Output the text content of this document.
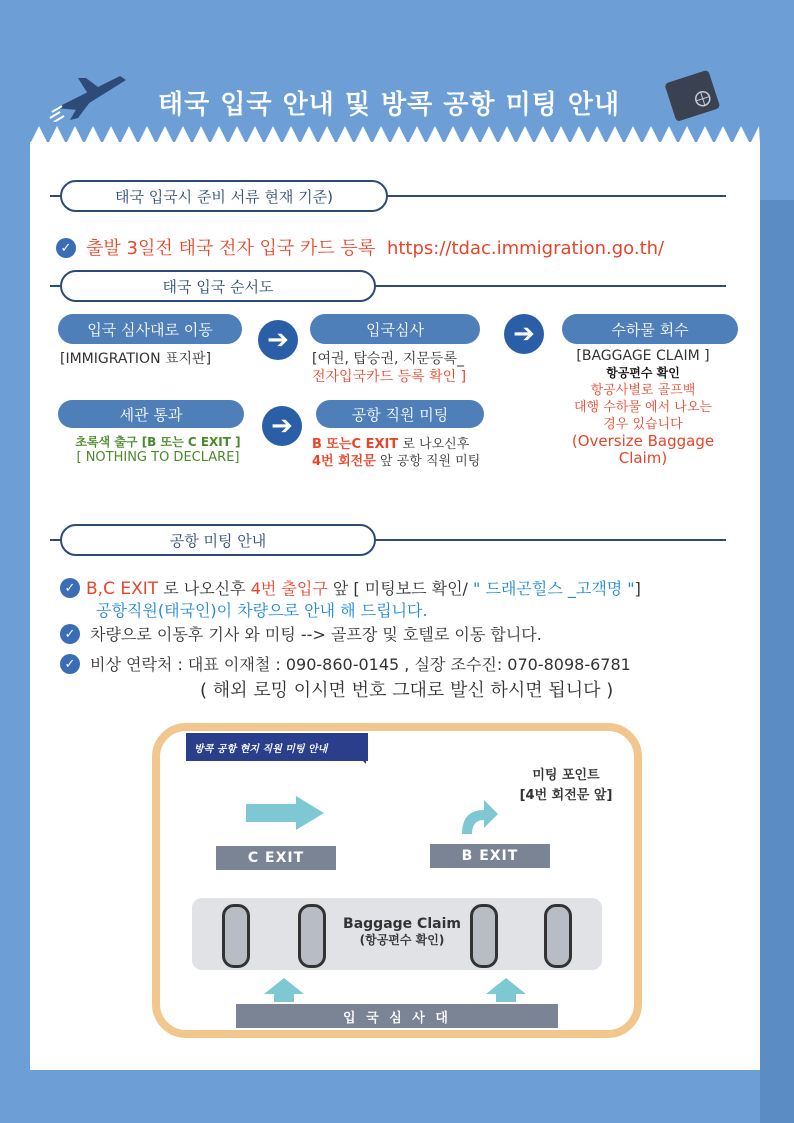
태국 입국 안내 및 방콕 공항 미팅 안내
태국 입국시 준비 서류 현재 기준)
✓ 출발 3일전 태국 전자 입국 카드 등록 https://tdac.immigration.go.th/
태국 입국 순서도
입국 심사대로 이동
[IMMIGRATION 표지판]
➔	입국심사
[여권, 탑승권, 지문등록_
전자입국카드 등록 확인 ]
➔	수하물 회수
[BAGGAGE CLAIM ]
항공편수 확인
항공사별로 골프백
대행 수하물 에서 나오는
경우 있습니다
(Oversize Baggage
Claim)
세관 통과
초록색 출구 [B 또는 C EXIT ]
[ NOTHING TO DECLARE]
➔	공항 직원 미팅
B 또는C EXIT 로 나오신후
4번 회전문 앞 공항 직원 미팅
공항 미팅 안내
✓ B,C EXIT 로 나오신후 4번 출입구 앞 [ 미팅보드 확인/ " 드래곤힐스 _고객명 "]
공항직원(태국인)이 차량으로 안내 해 드립니다.
✓ 차량으로 이동후 기사 와 미팅 --> 골프장 및 호텔로 이동 합니다.
✓ 비상 연락처 : 대표 이재철 : 090-860-0145 , 실장 조수진: 070-8098-6781
( 해외 로밍 이시면 번호 그대로 발신 하시면 됩니다 )
방콕 공항 현지 직원 미팅 안내
미팅 포인트
[4번 회전문 앞]
C EXIT	B EXIT
Baggage Claim
(항공편수 확인)
입 국 심 사 대
